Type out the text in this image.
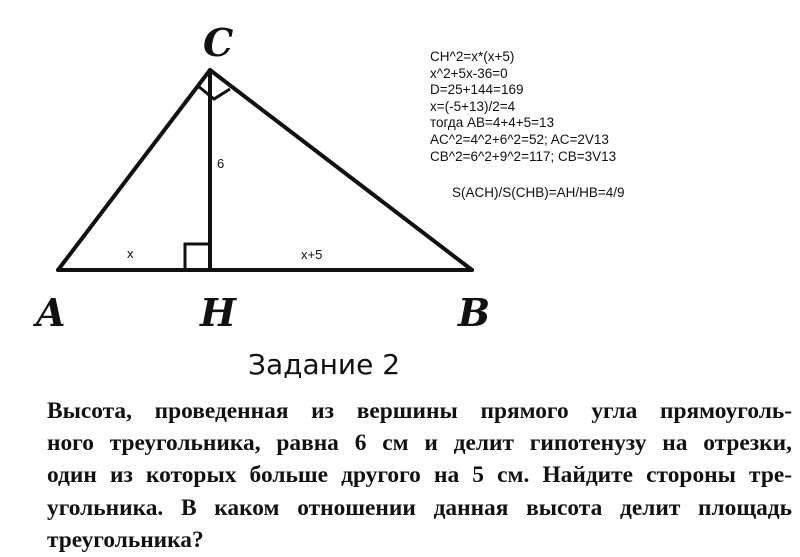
C
A	H	B
6
x	x+5
CH^2=x*(x+5)
x^2+5x-36=0
D=25+144=169
x=(-5+13)/2=4
тогда AB=4+4+5=13
AC^2=4^2+6^2=52; AC=2V13
CB^2=6^2+9^2=117; CB=3V13
S(ACH)/S(CHB)=AH/HB=4/9
Задание 2
Высота, проведенная из вершины прямого угла прямоуголь-
ного треугольника, равна 6 см и делит гипотенузу на отрезки,
один из которых больше другого на 5 см. Найдите стороны тре-
угольника. В каком отношении данная высота делит площадь
треугольника?
